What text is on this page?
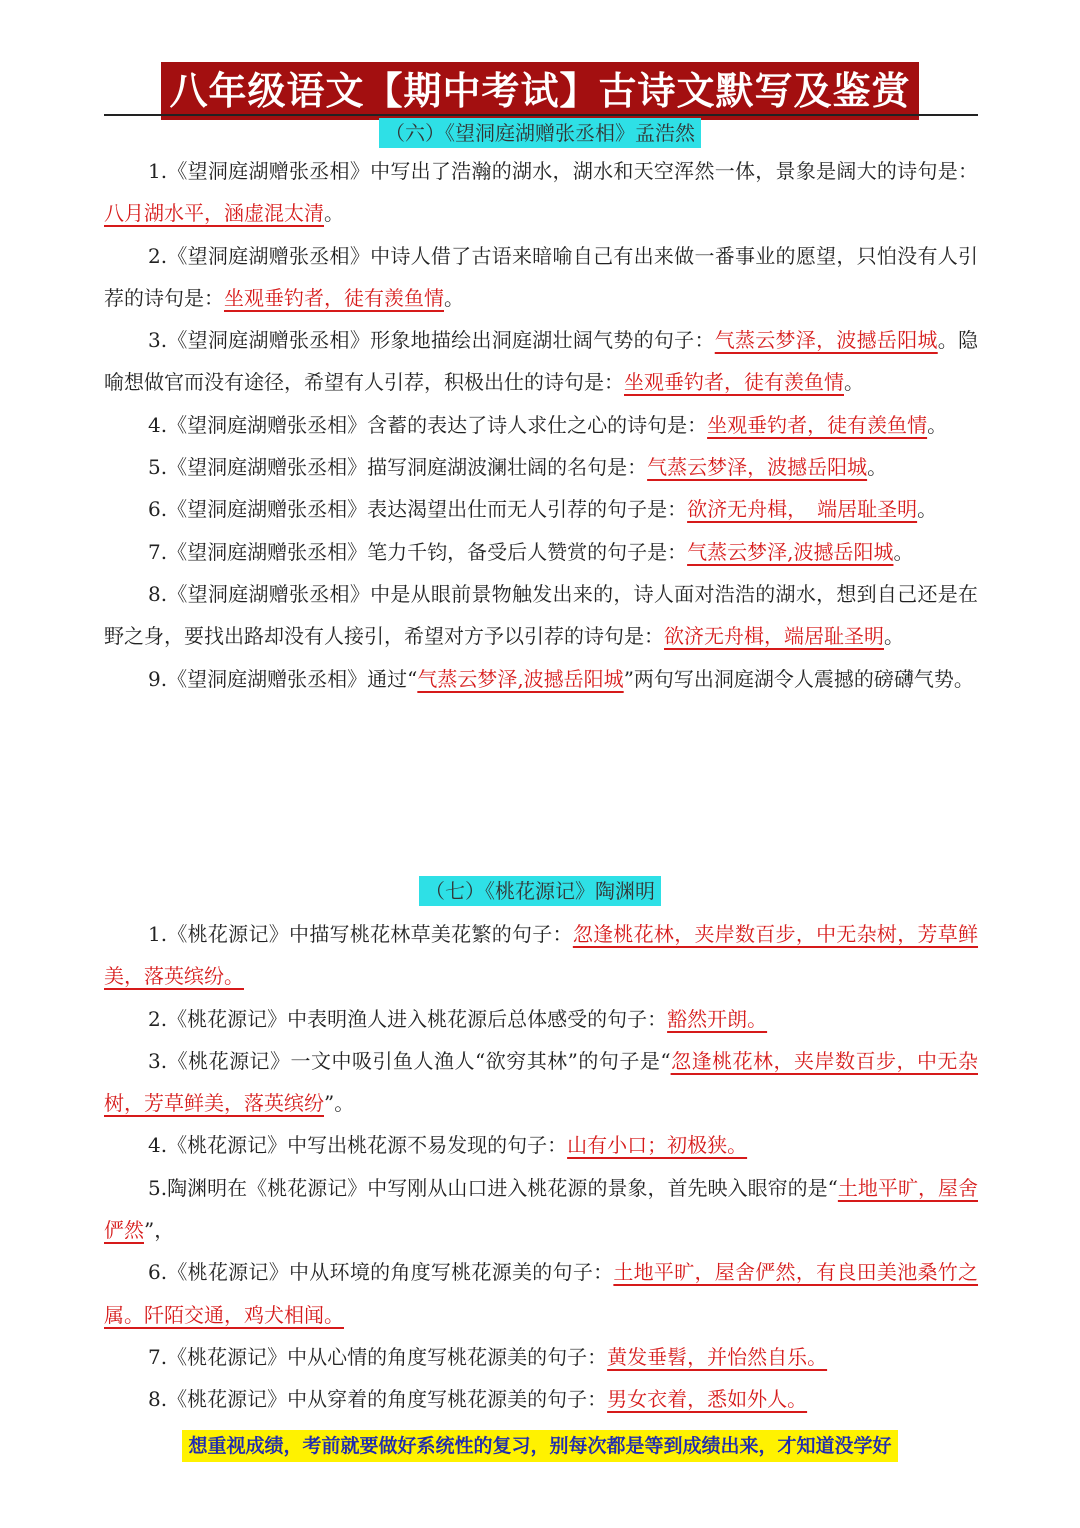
八年级语文【期中考试】古诗文默写及鉴赏
（六）《望洞庭湖赠张丞相》孟浩然
1.《望洞庭湖赠张丞相》中写出了浩瀚的湖水，湖水和天空浑然一体，景象是阔大的诗句是：八月湖水平，涵虚混太清。
2.《望洞庭湖赠张丞相》中诗人借了古语来暗喻自己有出来做一番事业的愿望，只怕没有人引荐的诗句是：坐观垂钓者，徒有羡鱼情。
3.《望洞庭湖赠张丞相》形象地描绘出洞庭湖壮阔气势的句子：气蒸云梦泽，波撼岳阳城。隐喻想做官而没有途径，希望有人引荐，积极出仕的诗句是：坐观垂钓者，徒有羡鱼情。
4.《望洞庭湖赠张丞相》含蓄的表达了诗人求仕之心的诗句是：坐观垂钓者，徒有羡鱼情。
5.《望洞庭湖赠张丞相》描写洞庭湖波澜壮阔的名句是：气蒸云梦泽，波撼岳阳城。
6.《望洞庭湖赠张丞相》表达渴望出仕而无人引荐的句子是：欲济无舟楫，　端居耻圣明。
7.《望洞庭湖赠张丞相》笔力千钧，备受后人赞赏的句子是：气蒸云梦泽,波撼岳阳城。
8.《望洞庭湖赠张丞相》中是从眼前景物触发出来的，诗人面对浩浩的湖水，想到自己还是在野之身，要找出路却没有人接引，希望对方予以引荐的诗句是：欲济无舟楫，端居耻圣明。
9.《望洞庭湖赠张丞相》通过“气蒸云梦泽,波撼岳阳城”两句写出洞庭湖令人震撼的磅礴气势。
（七）《桃花源记》陶渊明
1.《桃花源记》中描写桃花林草美花繁的句子：忽逢桃花林，夹岸数百步，中无杂树，芳草鲜美，落英缤纷。
2.《桃花源记》中表明渔人进入桃花源后总体感受的句子：豁然开朗。
3.《桃花源记》一文中吸引鱼人渔人“欲穷其林”的句子是“忽逢桃花林，夹岸数百步，中无杂树，芳草鲜美，落英缤纷”。
4.《桃花源记》中写出桃花源不易发现的句子：山有小口；初极狭。
5.陶渊明在《桃花源记》中写刚从山口进入桃花源的景象，首先映入眼帘的是“土地平旷，屋舍俨然”，
6.《桃花源记》中从环境的角度写桃花源美的句子：土地平旷，屋舍俨然，有良田美池桑竹之属。阡陌交通，鸡犬相闻。
7.《桃花源记》中从心情的角度写桃花源美的句子：黄发垂髫，并怡然自乐。
8.《桃花源记》中从穿着的角度写桃花源美的句子：男女衣着，悉如外人。
想重视成绩，考前就要做好系统性的复习，别每次都是等到成绩出来，才知道没学好
